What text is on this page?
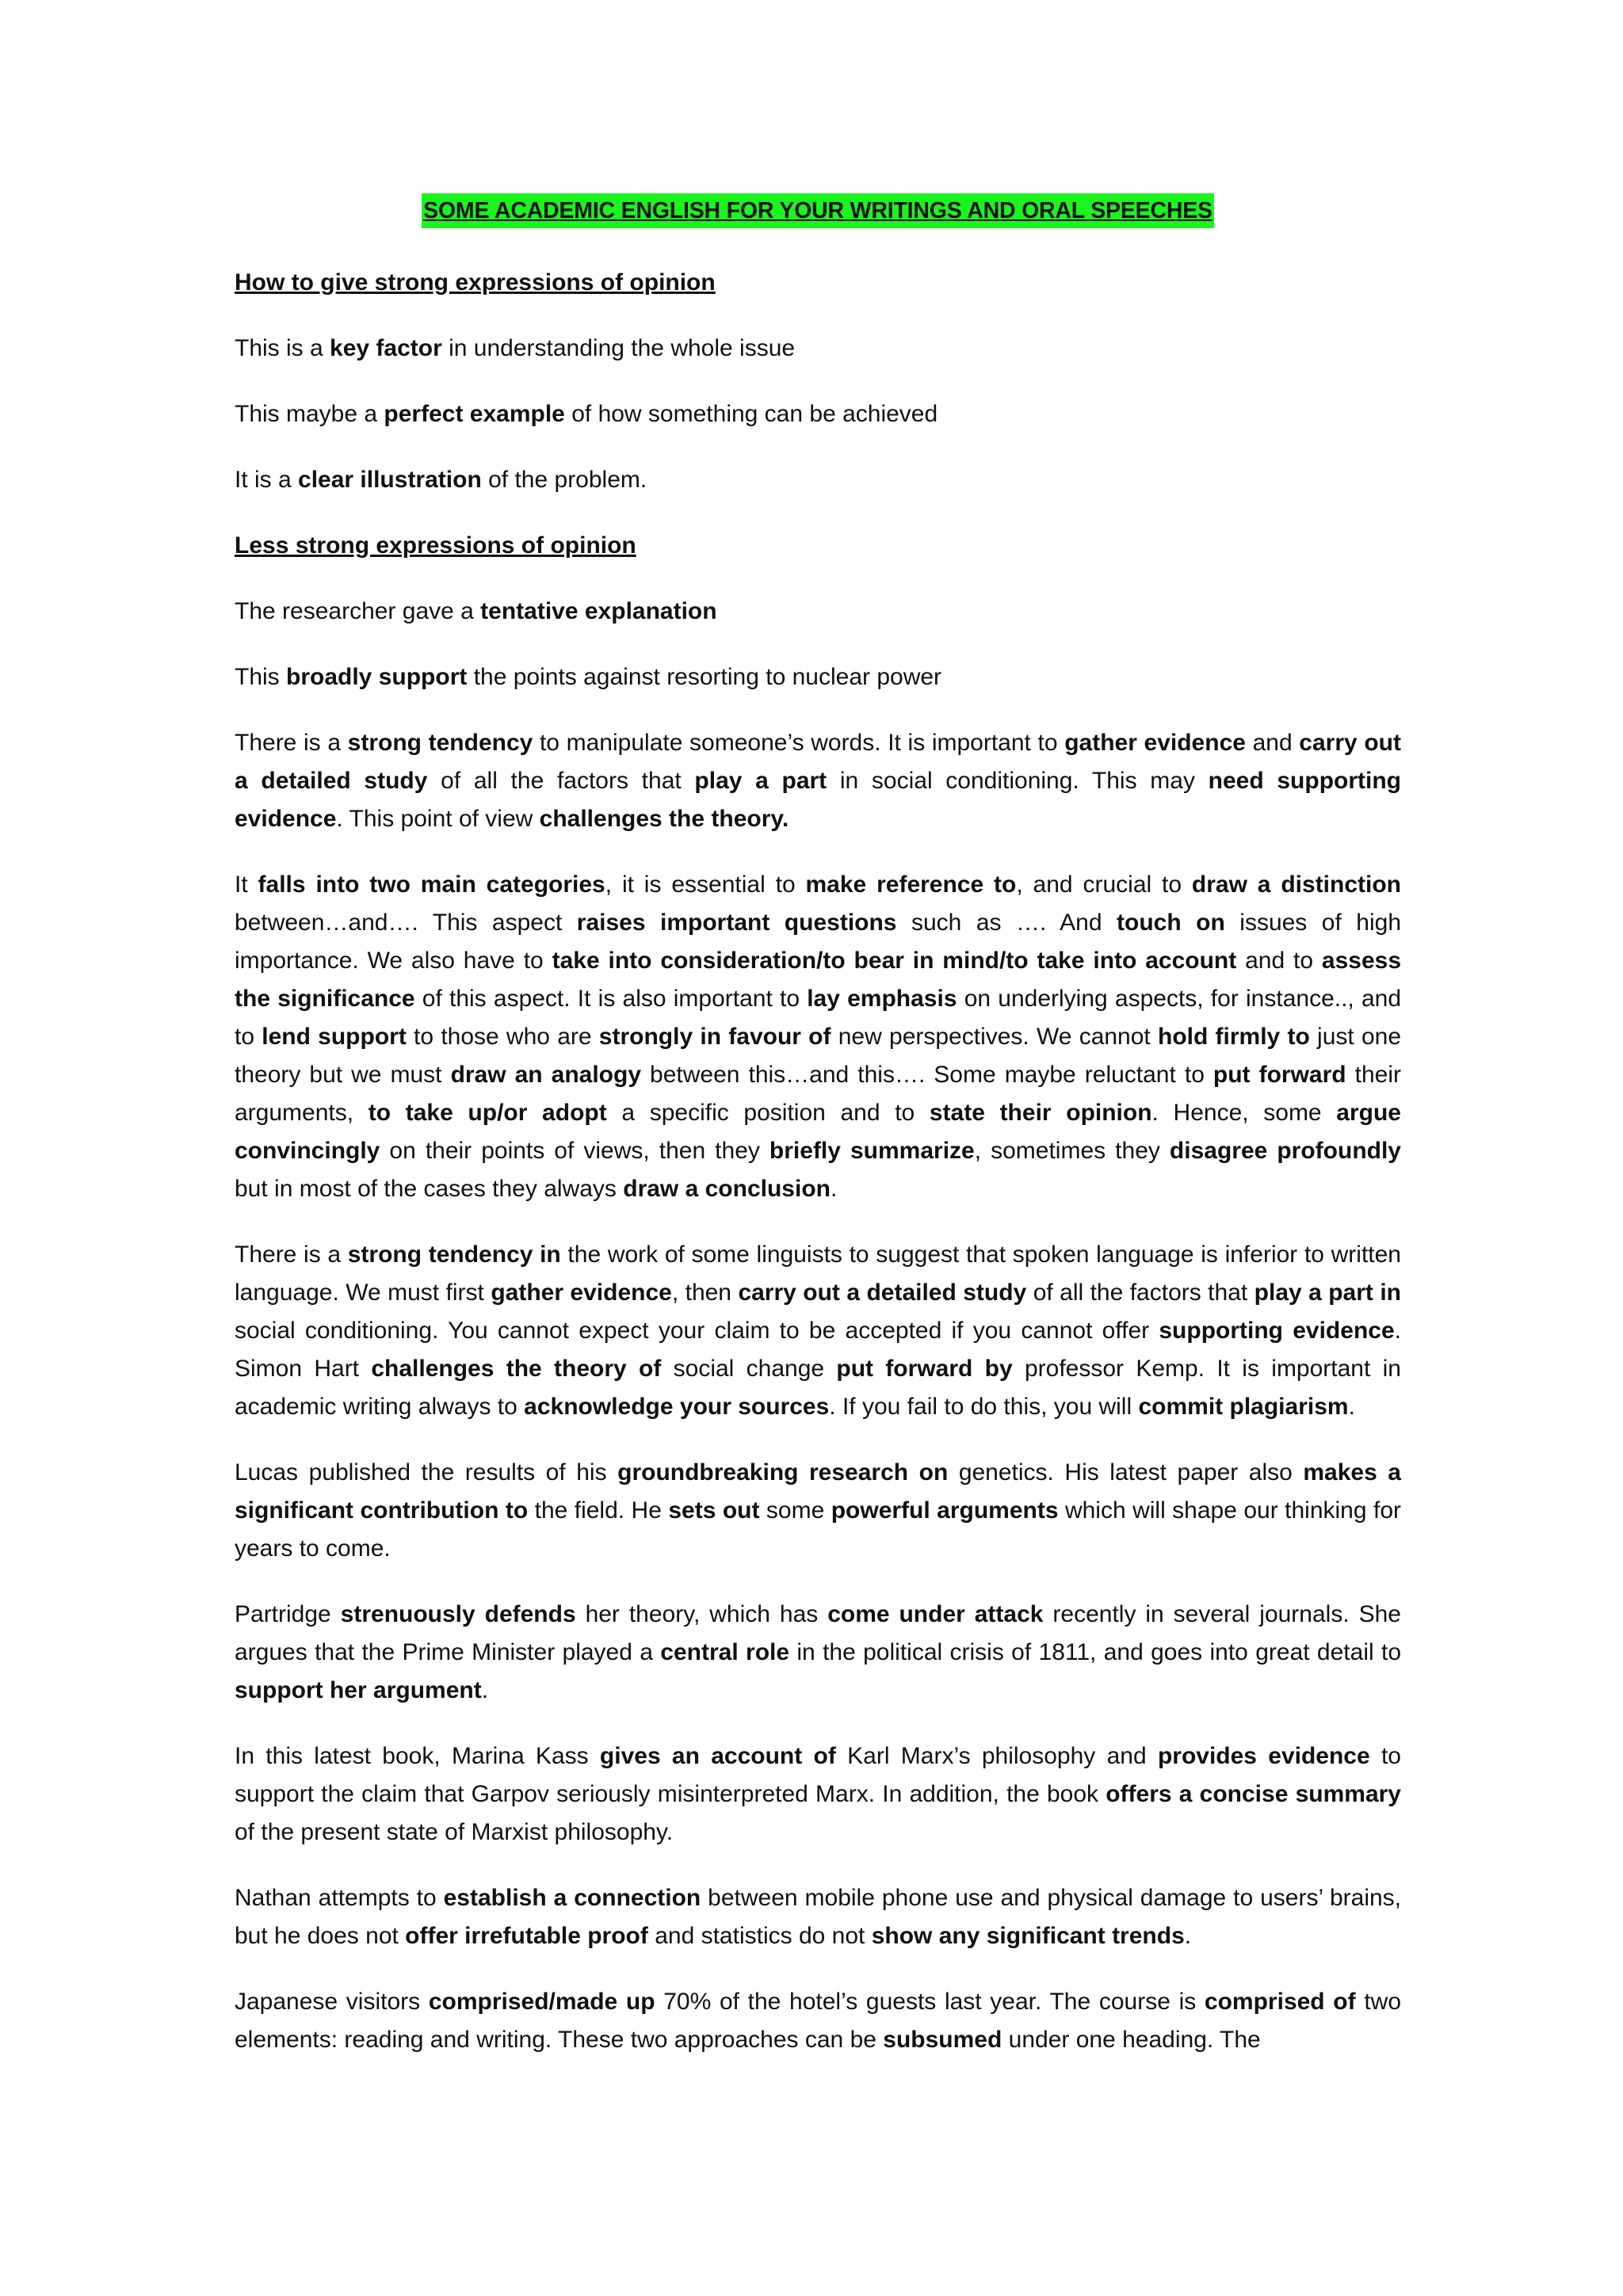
SOME ACADEMIC ENGLISH FOR YOUR WRITINGS AND ORAL SPEECHES
How to give strong expressions of opinion
This is a key factor in understanding the whole issue
This maybe a perfect example of how something can be achieved
It is a clear illustration of the problem.
Less strong expressions of opinion
The researcher gave a tentative explanation
This broadly support the points against resorting to nuclear power
There is a strong tendency to manipulate someone’s words. It is important to gather evidence and carry out a detailed study of all the factors that play a part in social conditioning. This may need supporting evidence. This point of view challenges the theory.
It falls into two main categories, it is essential to make reference to, and crucial to draw a distinction between…and…. This aspect raises important questions such as …. And touch on issues of high importance. We also have to take into consideration/to bear in mind/to take into account and to assess the significance of this aspect. It is also important to lay emphasis on underlying aspects, for instance.., and to lend support to those who are strongly in favour of new perspectives. We cannot hold firmly to just one theory but we must draw an analogy between this…and this…. Some maybe reluctant to put forward their arguments, to take up/or adopt a specific position and to state their opinion. Hence, some argue convincingly on their points of views, then they briefly summarize, sometimes they disagree profoundly but in most of the cases they always draw a conclusion.
There is a strong tendency in the work of some linguists to suggest that spoken language is inferior to written language. We must first gather evidence, then carry out a detailed study of all the factors that play a part in social conditioning. You cannot expect your claim to be accepted if you cannot offer supporting evidence. Simon Hart challenges the theory of social change put forward by professor Kemp. It is important in academic writing always to acknowledge your sources. If you fail to do this, you will commit plagiarism.
Lucas published the results of his groundbreaking research on genetics. His latest paper also makes a significant contribution to the field. He sets out some powerful arguments which will shape our thinking for years to come.
Partridge strenuously defends her theory, which has come under attack recently in several journals. She argues that the Prime Minister played a central role in the political crisis of 1811, and goes into great detail to support her argument.
In this latest book, Marina Kass gives an account of Karl Marx’s philosophy and provides evidence to support the claim that Garpov seriously misinterpreted Marx. In addition, the book offers a concise summary of the present state of Marxist philosophy.
Nathan attempts to establish a connection between mobile phone use and physical damage to users’ brains, but he does not offer irrefutable proof and statistics do not show any significant trends.
Japanese visitors comprised/made up 70% of the hotel’s guests last year. The course is comprised of two elements: reading and writing. These two approaches can be subsumed under one heading. The
